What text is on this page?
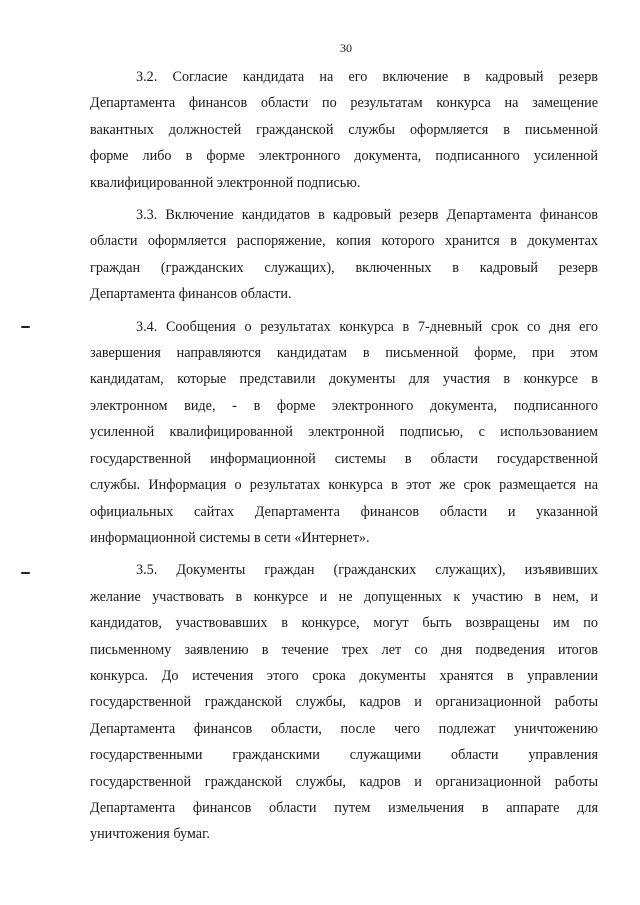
30
3.2. Согласие кандидата на его включение в кадровый резерв
Департамента финансов области по результатам конкурса на замещение
вакантных должностей гражданской службы оформляется в письменной
форме либо в форме электронного документа, подписанного усиленной
квалифицированной электронной подписью.
3.3. Включение кандидатов в кадровый резерв Департамента финансов
области оформляется распоряжение, копия которого хранится в документах
граждан (гражданских служащих), включенных в кадровый резерв
Департамента финансов области.
3.4. Сообщения о результатах конкурса в 7-дневный срок со дня его
завершения направляются кандидатам в письменной форме, при этом
кандидатам, которые представили документы для участия в конкурсе в
электронном виде, - в форме электронного документа, подписанного
усиленной квалифицированной электронной подписью, с использованием
государственной информационной системы в области государственной
службы. Информация о результатах конкурса в этот же срок размещается на
официальных сайтах Департамента финансов области и указанной
информационной системы в сети «Интернет».
3.5. Документы граждан (гражданских служащих), изъявивших
желание участвовать в конкурсе и не допущенных к участию в нем, и
кандидатов, участвовавших в конкурсе, могут быть возвращены им по
письменному заявлению в течение трех лет со дня подведения итогов
конкурса. До истечения этого срока документы хранятся в управлении
государственной гражданской службы, кадров и организационной работы
Департамента финансов области, после чего подлежат уничтожению
государственными гражданскими служащими области управления
государственной гражданской службы, кадров и организационной работы
Департамента финансов области путем измельчения в аппарате для
уничтожения бумаг.
